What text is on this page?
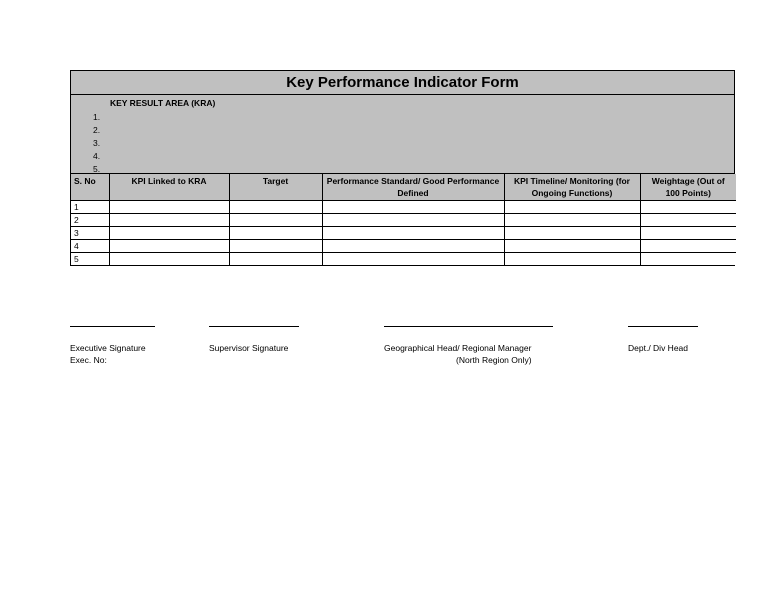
Key Performance Indicator Form
KEY RESULT AREA (KRA)
1.
2.
3.
4.
5.
S. No	KPI Linked to KRA	Target	Performance Standard/ Good Performance Defined	KPI Timeline/ Monitoring (for Ongoing Functions)	Weightage (Out of 100 Points)
1					
2					
3					
4					
5					
Executive Signature
Exec. No:
Supervisor Signature	Geographical Head/ Regional Manager
(North Region Only)
Dept./ Div Head
